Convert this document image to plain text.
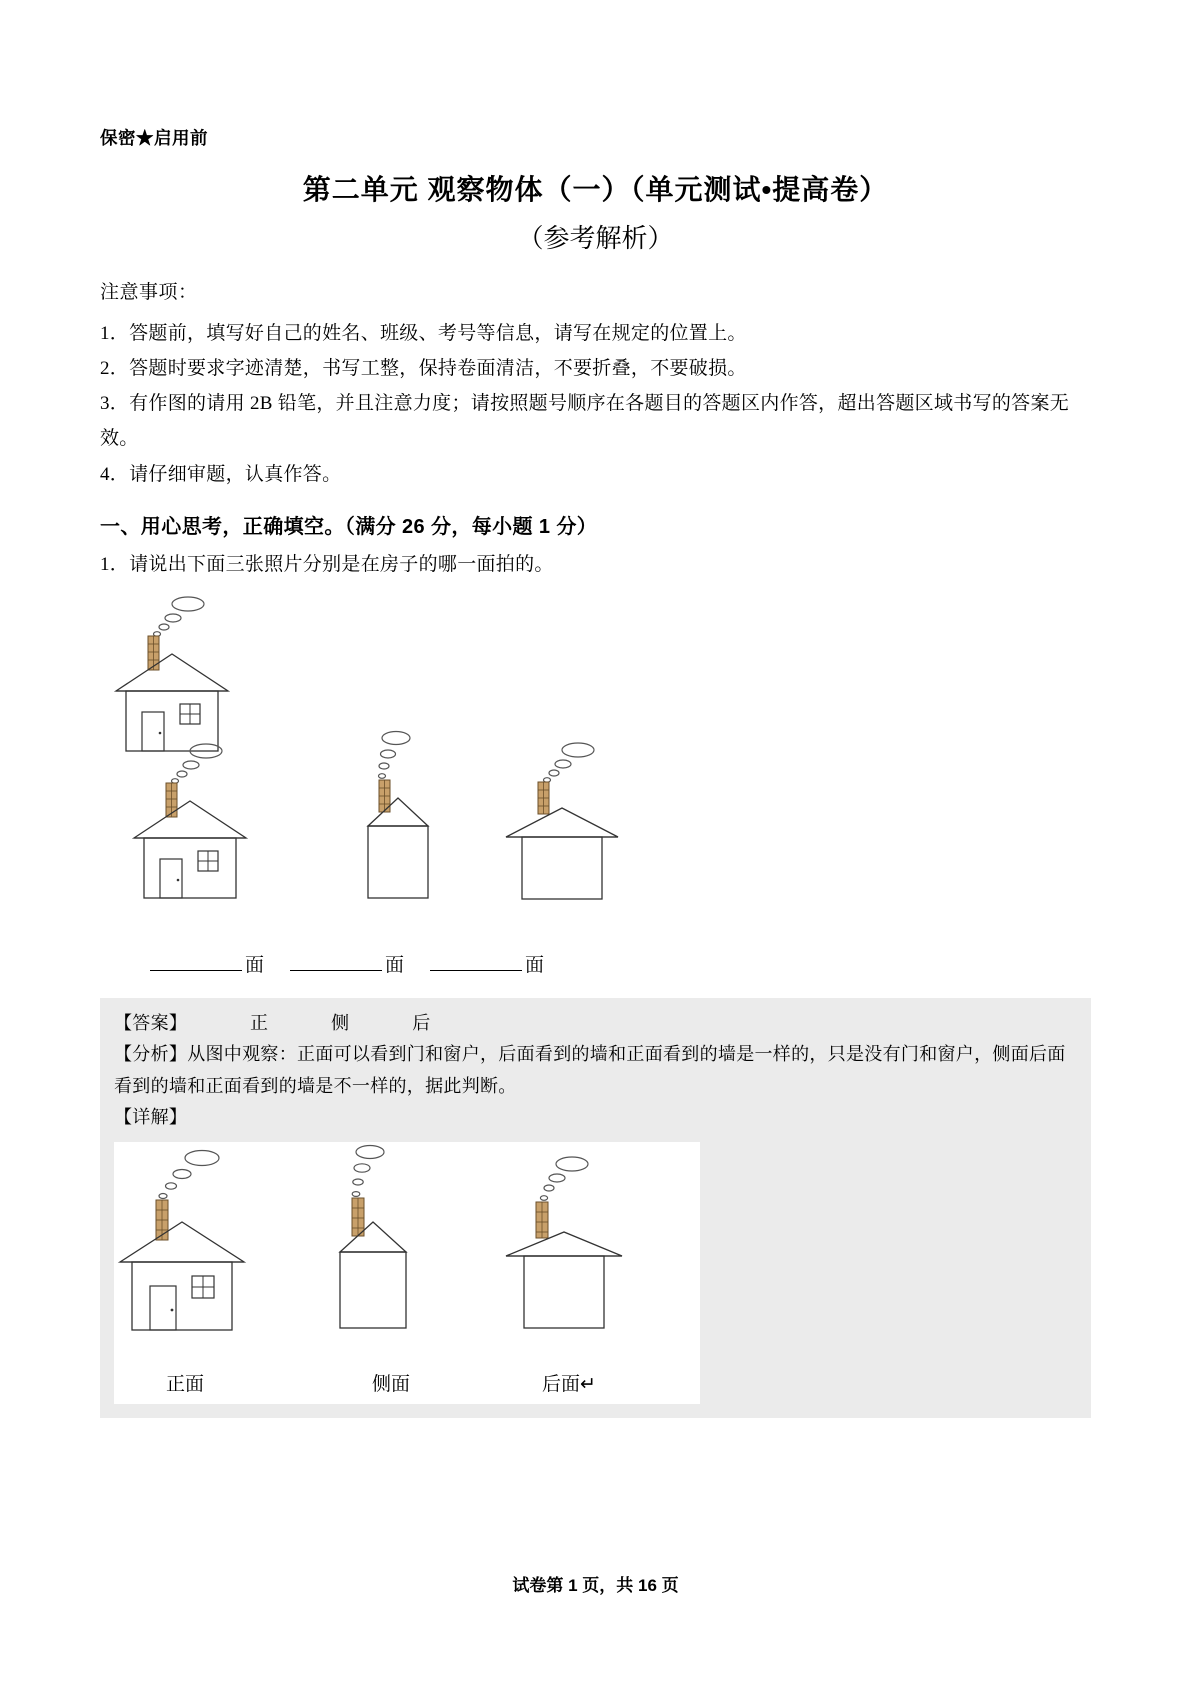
保密★启用前
第二单元 观察物体（一）（单元测试•提高卷）
（参考解析）
注意事项：

1．答题前，填写好自己的姓名、班级、考号等信息，请写在规定的位置上。

2．答题时要求字迹清楚，书写工整，保持卷面清洁，不要折叠，不要破损。

3．有作图的请用 2B 铅笔，并且注意力度；请按照题号顺序在各题目的答题区内作答，超出答题区域书写的答案无效。

4．请仔细审题，认真作答。

一、用心思考，正确填空。（满分 26 分，每小题 1 分）

1．请说出下面三张照片分别是在房子的哪一面拍的。

面	面	面

【答案】	正	侧	后

【分析】从图中观察：正面可以看到门和窗户，后面看到的墙和正面看到的墙是一样的，只是没有门和窗户，侧面后面看到的墙和正面看到的墙是不一样的，据此判断。

【详解】

正面	侧面	后面↵
试卷第 1 页，共 16 页
